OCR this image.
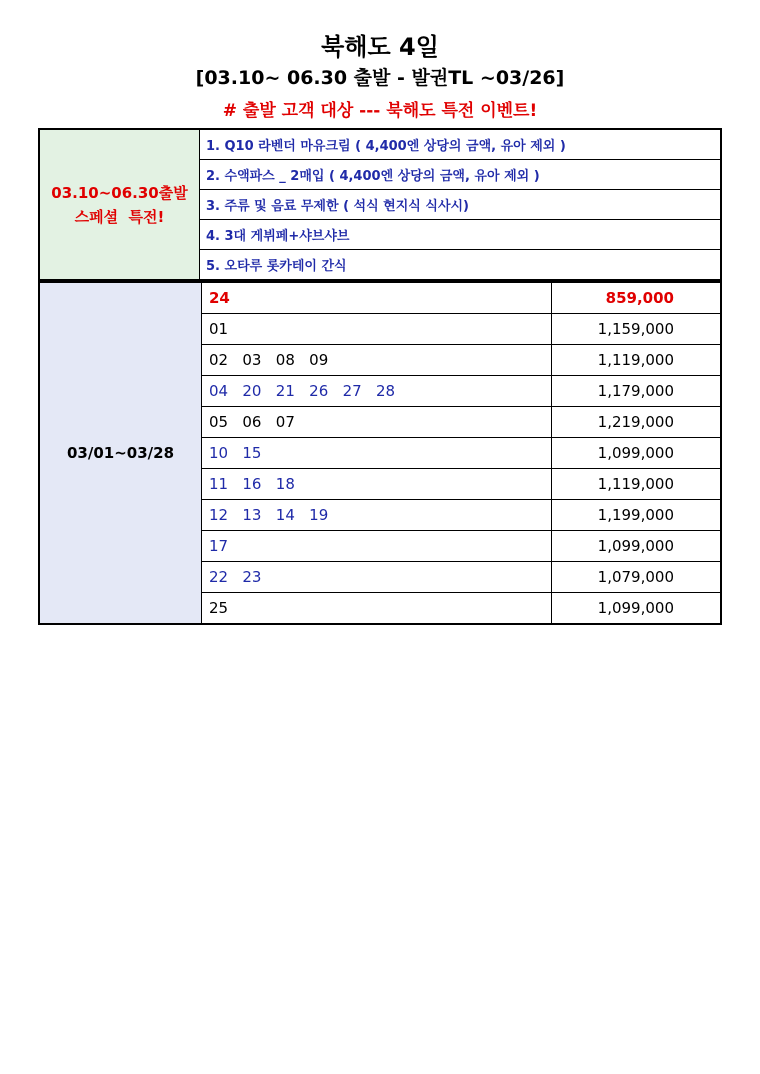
북해도 4일
[03.10~ 06.30 출발 - 발권TL ~03/26]
# 출발 고객 대상 --- 북해도 특전 이벤트!
03.10~06.30출발
스페셜  특전!
	1. Q10 라벤더 마유크림 ( 4,400엔 상당의 금액, 유아 제외 )
2. 수액파스 _ 2매입 ( 4,400엔 상당의 금액, 유아 제외 )
3. 주류 및 음료 무제한 ( 석식 현지식 식사시)
4. 3대 게뷔페+샤브샤브
5. 오타루 롯카테이 간식
03/01~03/28	24	859,000
	01	1,159,000
	02   03   08   09	1,119,000
	04   20   21   26   27   28	1,179,000
	05   06   07	1,219,000
	10   15	1,099,000
	11   16   18	1,119,000
	12   13   14   19	1,199,000
	17	1,099,000
	22   23	1,079,000
	25	1,099,000
